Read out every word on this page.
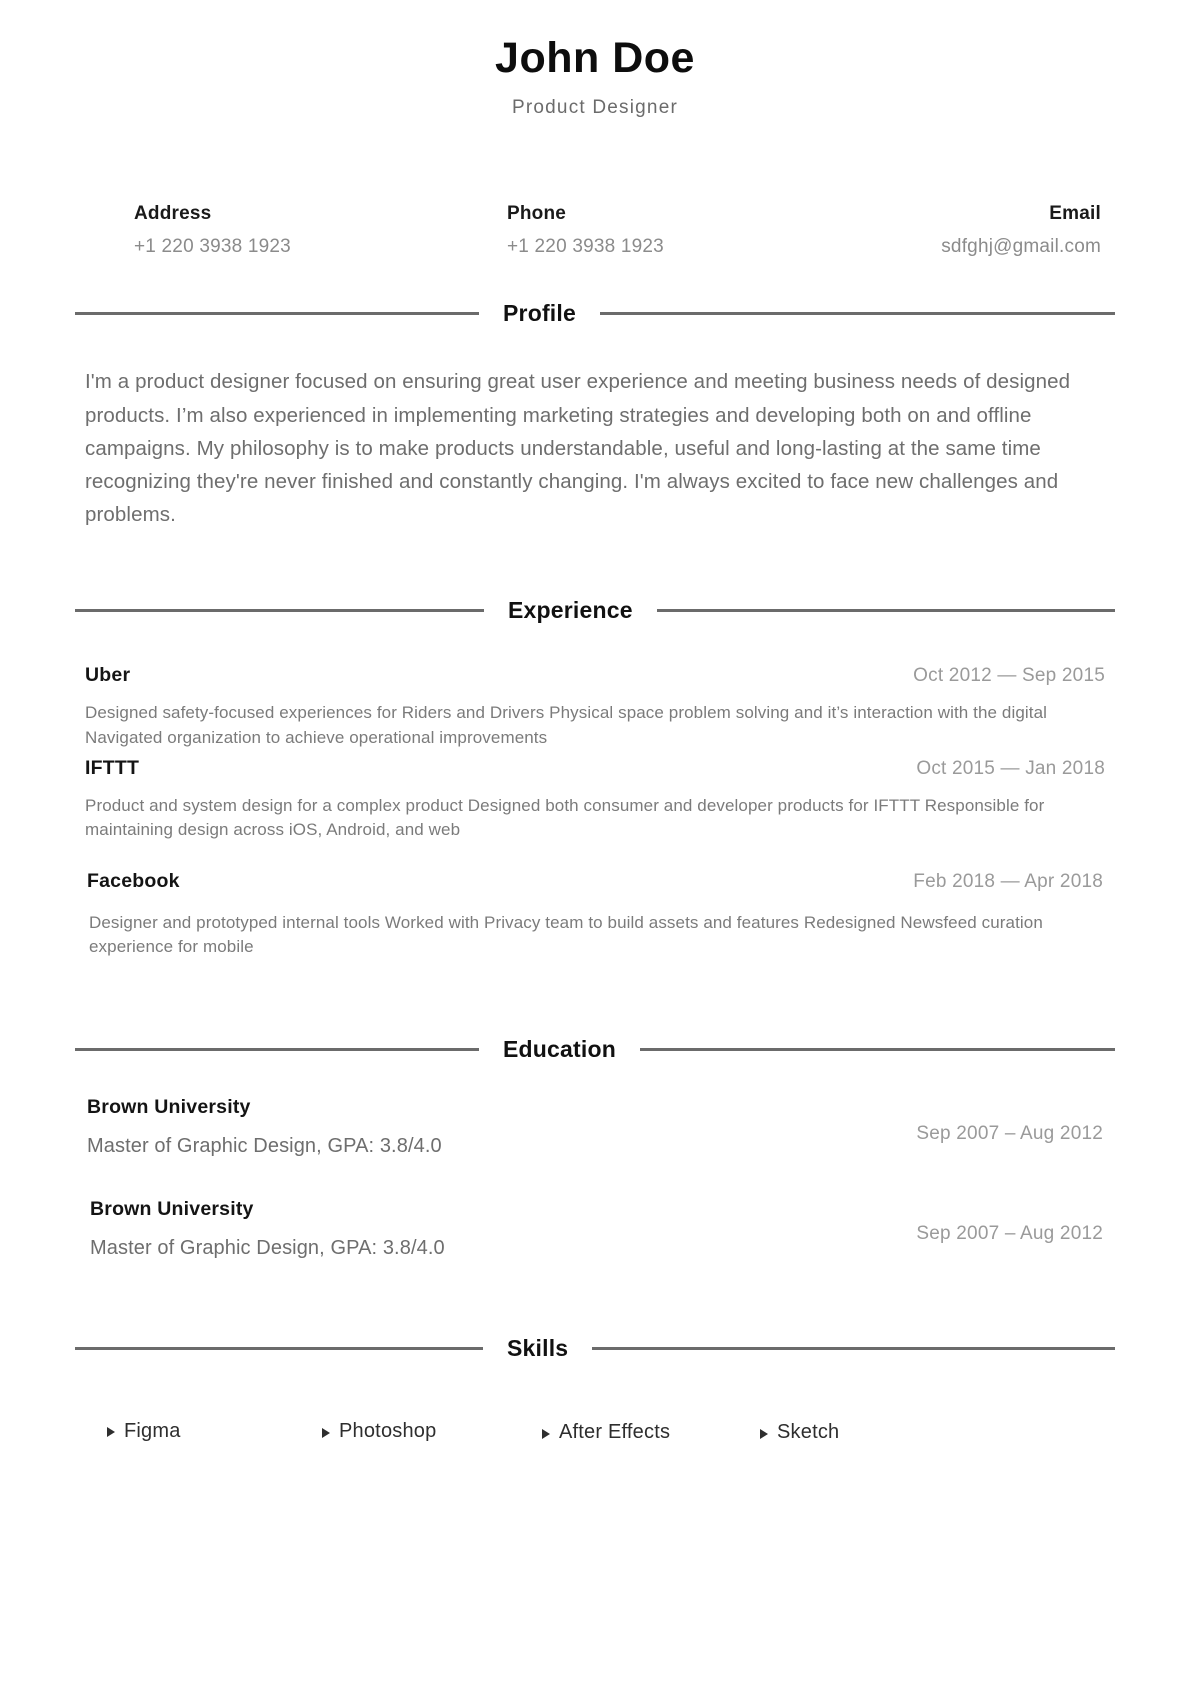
John Doe
Product Designer
Address
+1 220 3938 1923
Phone
+1 220 3938 1923
Email
sdfghj@gmail.com
Profile
I'm a product designer focused on ensuring great user experience and meeting business needs of designed products. I’m also experienced in implementing marketing strategies and developing both on and offline campaigns. My philosophy is to make products understandable, useful and long-lasting at the same time recognizing they're never finished and constantly changing. I'm always excited to face new challenges and problems.
Experience
Uber	Oct 2012 — Sep 2015
Designed safety-focused experiences for Riders and Drivers Physical space problem solving and it’s interaction with the digital Navigated organization to achieve operational improvements
IFTTT	Oct 2015 — Jan 2018
Product and system design for a complex product Designed both consumer and developer products for IFTTT Responsible for maintaining design across iOS, Android, and web
Facebook	Feb 2018 — Apr 2018
Designer and prototyped internal tools Worked with Privacy team to build assets and features Redesigned Newsfeed curation experience for mobile
Education
Brown University
Master of Graphic Design, GPA: 3.8/4.0
Sep 2007 – Aug 2012
Brown University
Master of Graphic Design, GPA: 3.8/4.0
Sep 2007 – Aug 2012
Skills
Figma	Photoshop	After Effects	Sketch
